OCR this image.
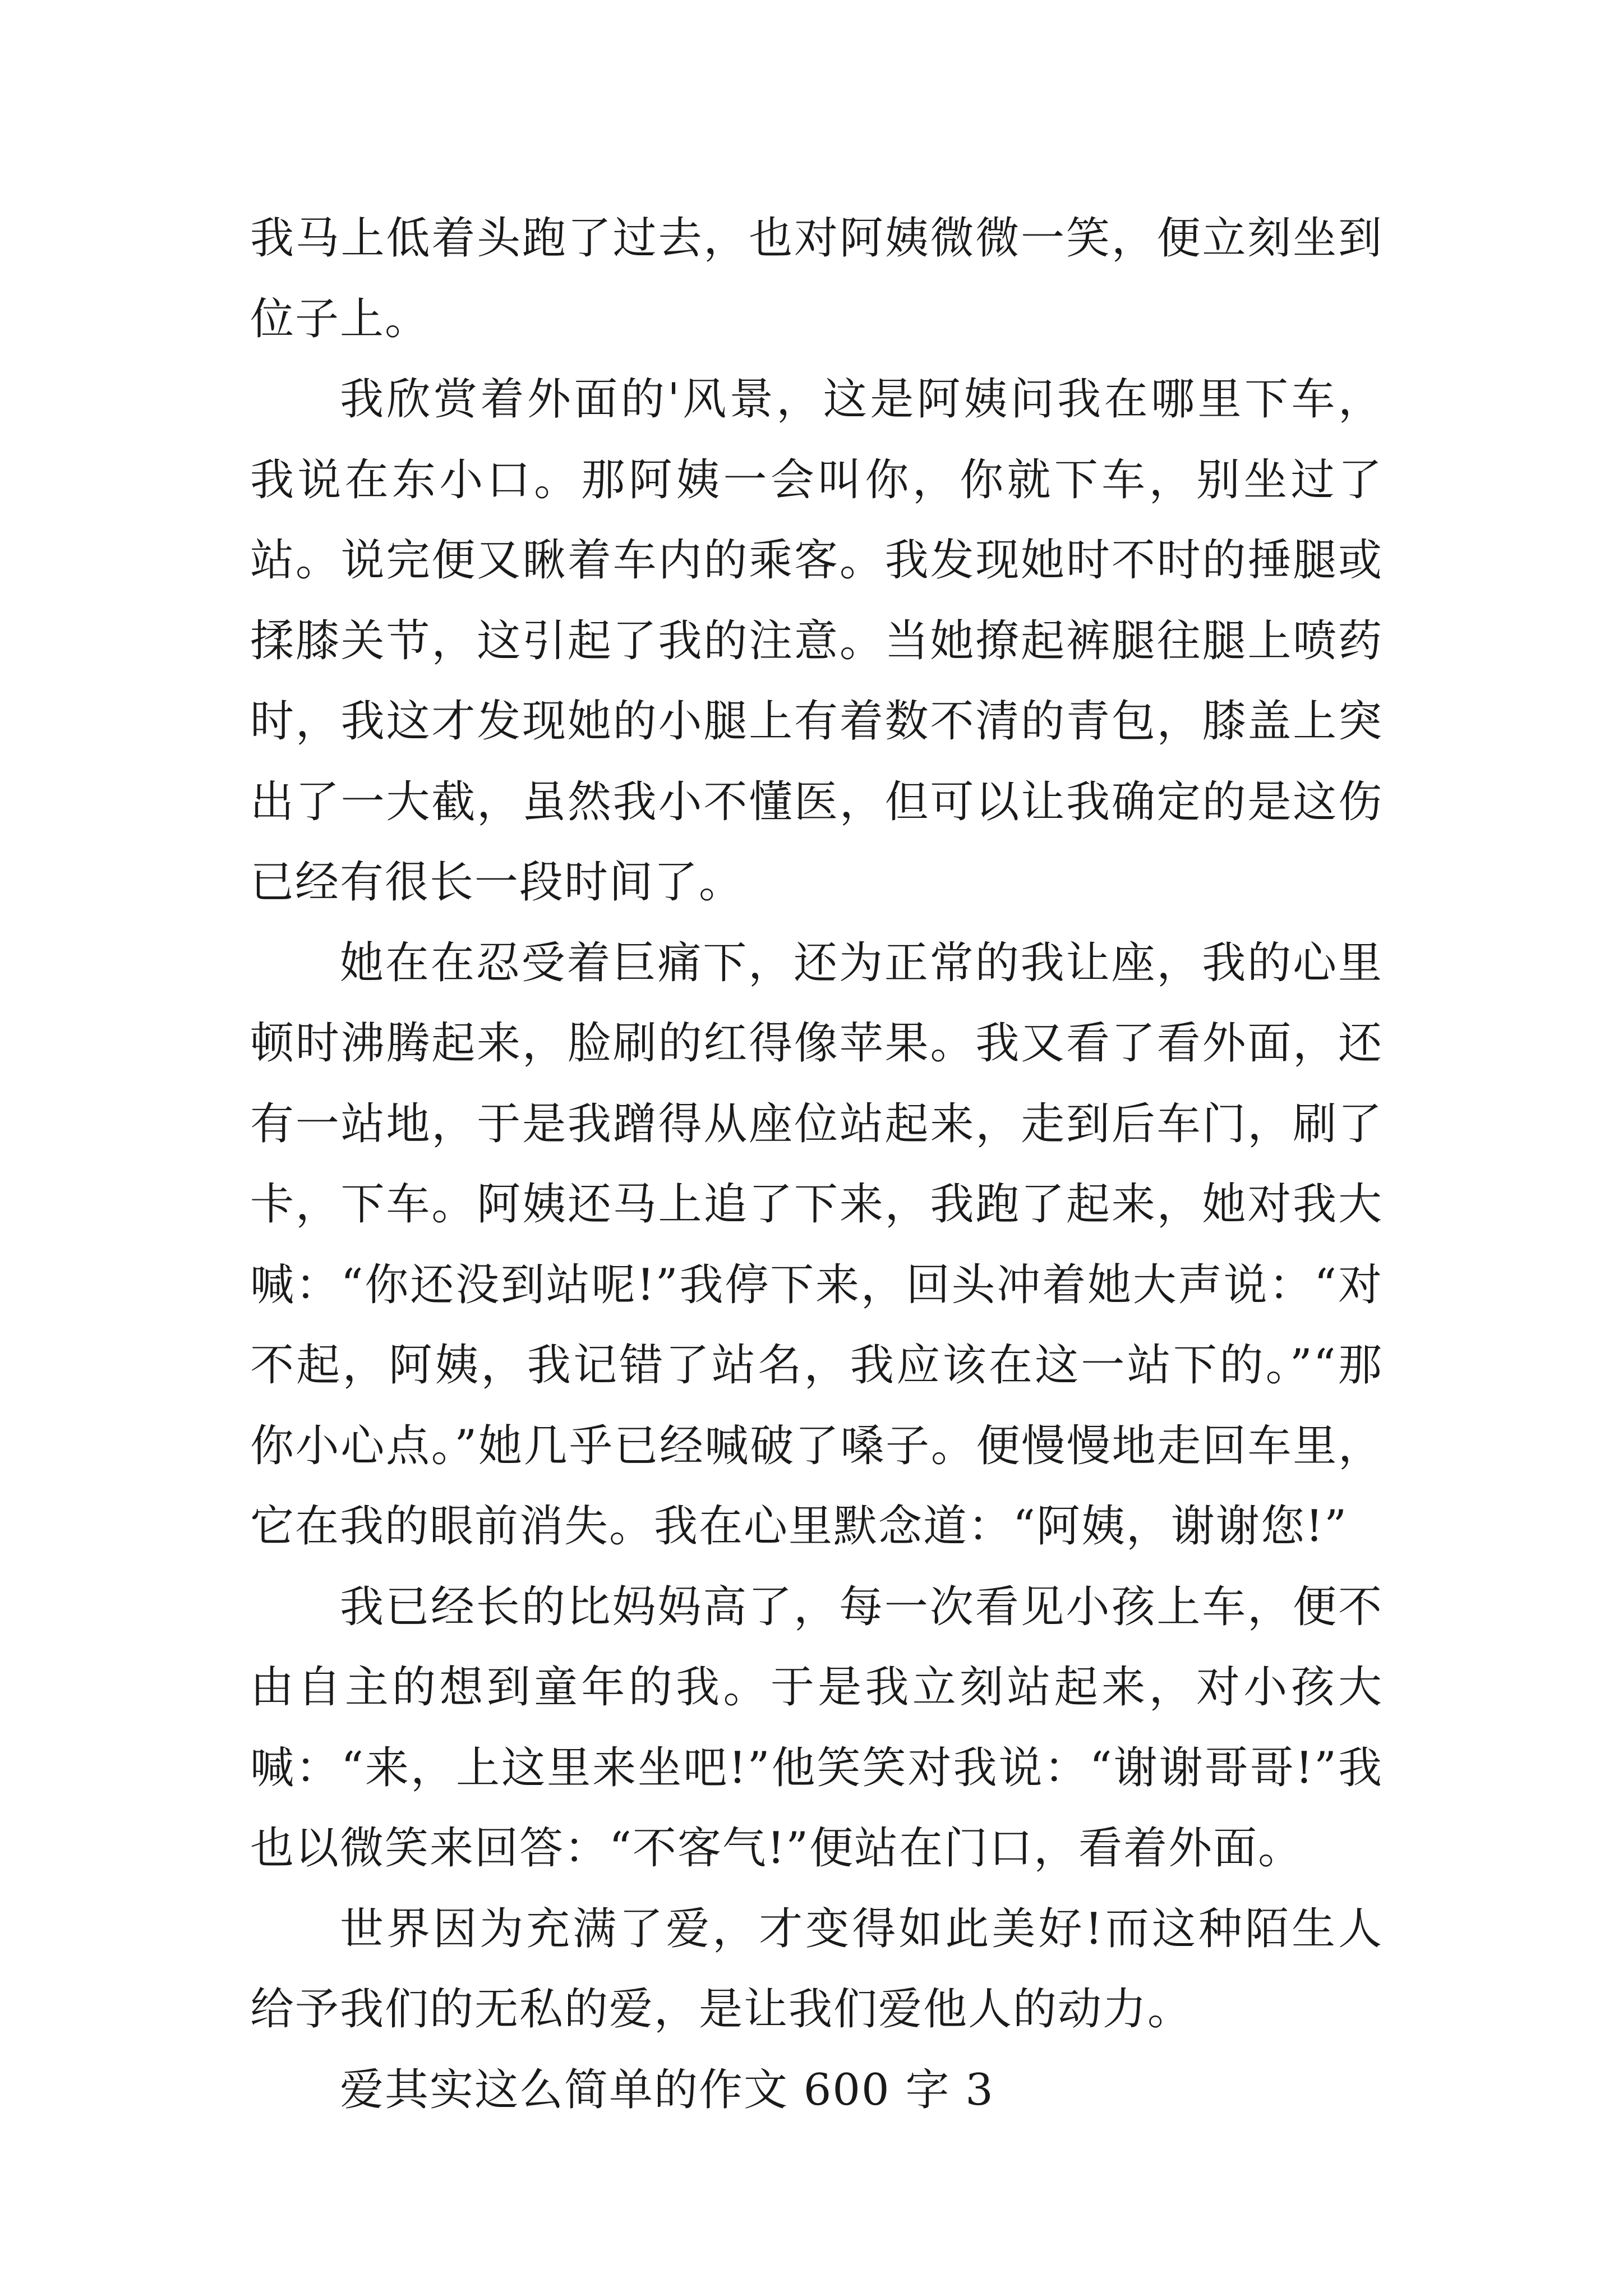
我马上低着头跑了过去，也对阿姨微微一笑，便立刻坐到位子上。

我欣赏着外面的'风景，这是阿姨问我在哪里下车，我说在东小口。那阿姨一会叫你，你就下车，别坐过了站。说完便又瞅着车内的乘客。我发现她时不时的捶腿或揉膝关节，这引起了我的注意。当她撩起裤腿往腿上喷药时，我这才发现她的小腿上有着数不清的青包，膝盖上突出了一大截，虽然我小不懂医，但可以让我确定的是这伤已经有很长一段时间了。

她在在忍受着巨痛下，还为正常的我让座，我的心里顿时沸腾起来，脸刷的红得像苹果。我又看了看外面，还有一站地，于是我蹭得从座位站起来，走到后车门，刷了卡，下车。阿姨还马上追了下来，我跑了起来，她对我大喊：“你还没到站呢!”我停下来，回头冲着她大声说：“对不起，阿姨，我记错了站名，我应该在这一站下的。”“那你小心点。”她几乎已经喊破了嗓子。便慢慢地走回车里，它在我的眼前消失。我在心里默念道：“阿姨，谢谢您!”

我已经长的比妈妈高了，每一次看见小孩上车，便不由自主的想到童年的我。于是我立刻站起来，对小孩大喊：“来，上这里来坐吧!”他笑笑对我说：“谢谢哥哥!”我也以微笑来回答：“不客气!”便站在门口，看着外面。

世界因为充满了爱，才变得如此美好!而这种陌生人给予我们的无私的爱，是让我们爱他人的动力。

爱其实这么简单的作文 600 字 3
